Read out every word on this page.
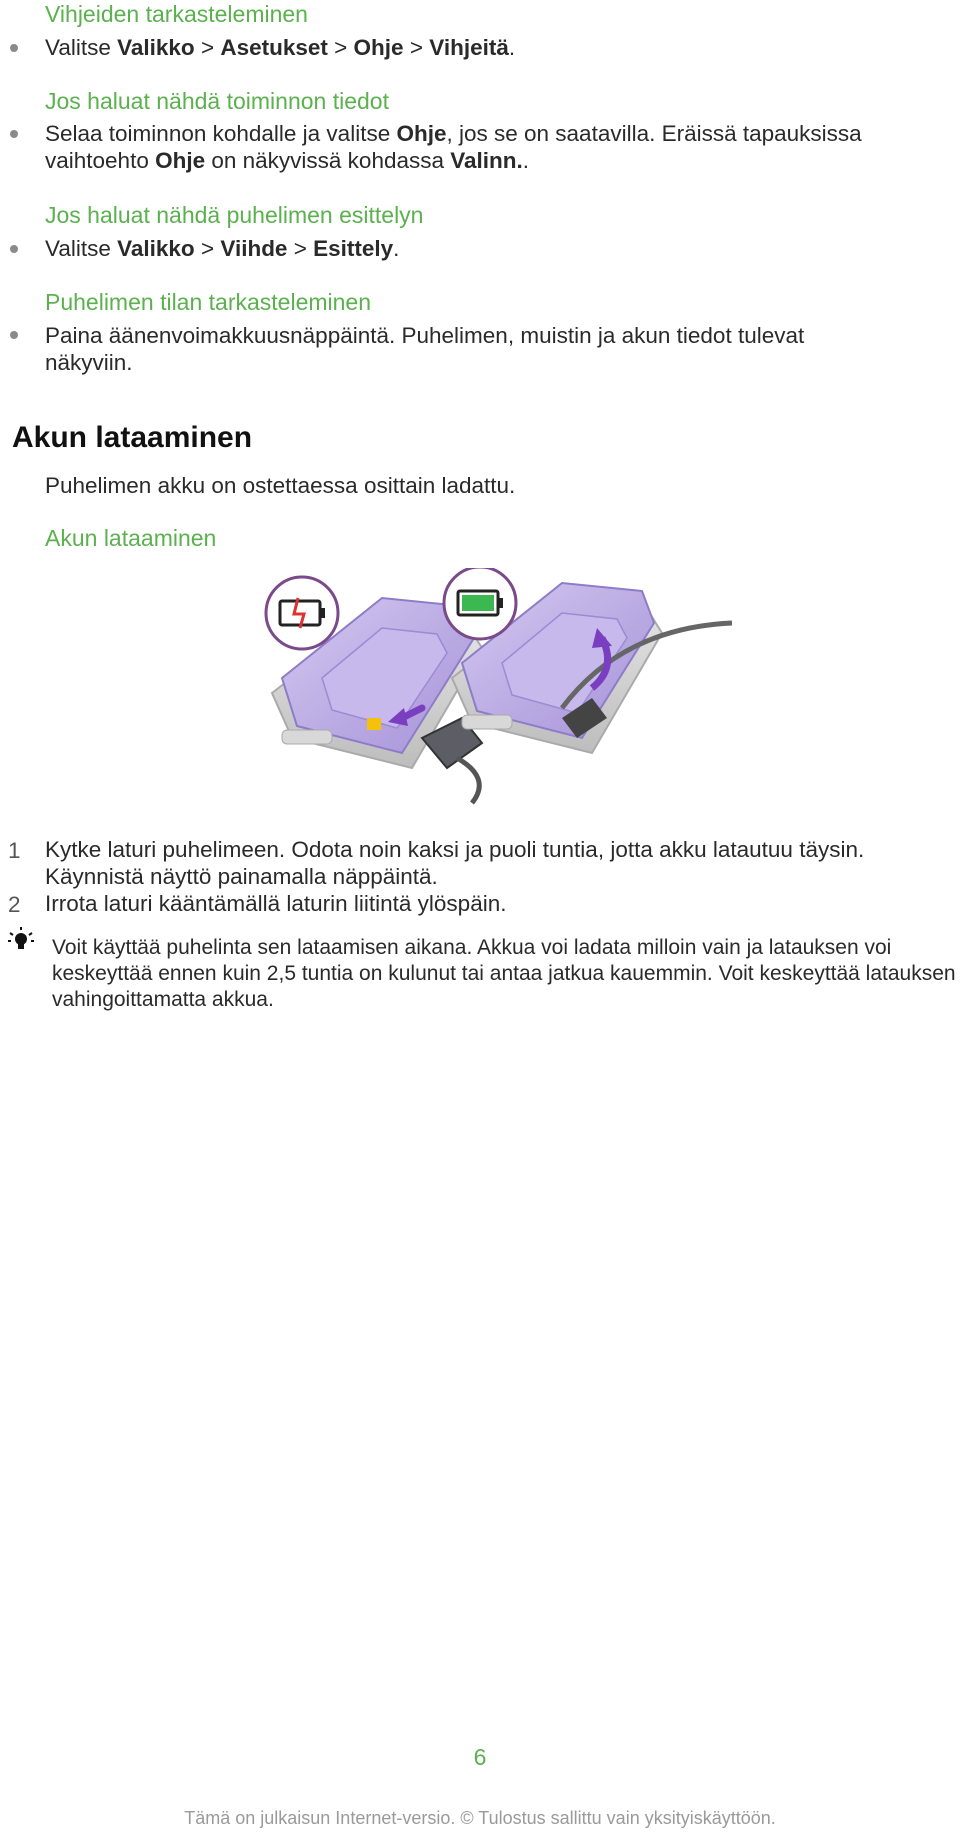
Vihjeiden tarkasteleminen
Valitse Valikko > Asetukset > Ohje > Vihjeitä.
Jos haluat nähdä toiminnon tiedot
Selaa toiminnon kohdalle ja valitse Ohje, jos se on saatavilla. Eräissä tapauksissa
vaihtoehto Ohje on näkyvissä kohdassa Valinn..
Jos haluat nähdä puhelimen esittelyn
Valitse Valikko > Viihde > Esittely.
Puhelimen tilan tarkasteleminen
Paina äänenvoimakkuusnäppäintä. Puhelimen, muistin ja akun tiedot tulevat
näkyviin.
Akun lataaminen
Puhelimen akku on ostettaessa osittain ladattu.
Akun lataaminen
1 Kytke laturi puhelimeen. Odota noin kaksi ja puoli tuntia, jotta akku latautuu täysin.
Käynnistä näyttö painamalla näppäintä.
2 Irrota laturi kääntämällä laturin liitintä ylöspäin.
Voit käyttää puhelinta sen lataamisen aikana. Akkua voi ladata milloin vain ja latauksen voi
keskeyttää ennen kuin 2,5 tuntia on kulunut tai antaa jatkua kauemmin. Voit keskeyttää latauksen
vahingoittamatta akkua.
6
Tämä on julkaisun Internet-versio. © Tulostus sallittu vain yksityiskäyttöön.
